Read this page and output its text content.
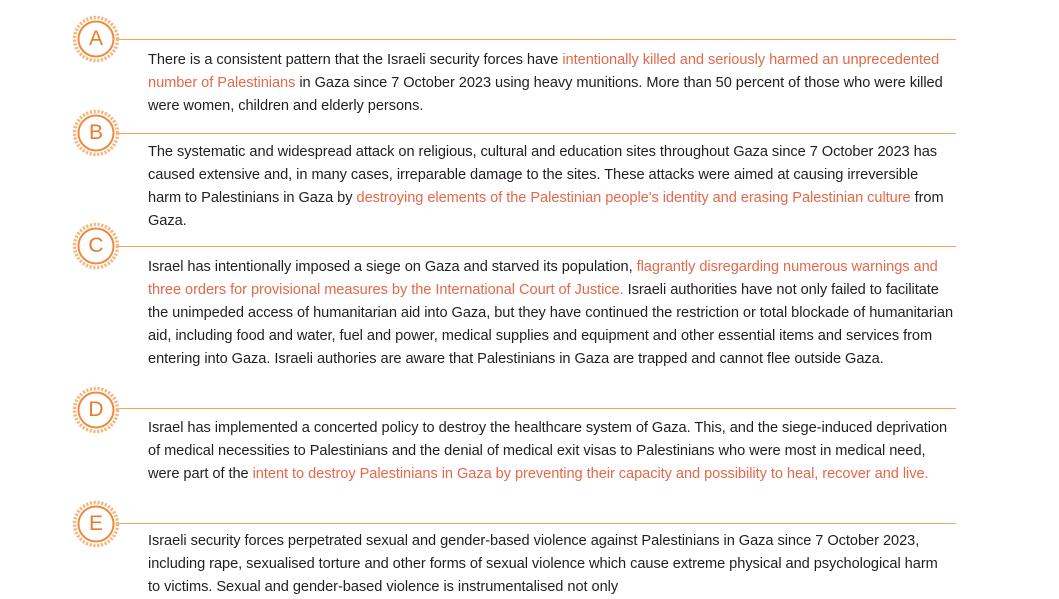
A

There is a consistent pattern that the Israeli security forces have intentionally killed and seriously harmed an unprecedented number of Palestinians in Gaza since 7 October 2023 using heavy munitions. More than 50 percent of those who were killed were women, children and elderly persons.

B

The systematic and widespread attack on religious, cultural and education sites throughout Gaza since 7 October 2023 has caused extensive and, in many cases, irreparable damage to the sites. These attacks were aimed at causing irreversible harm to Palestinians in Gaza by destroying elements of the Palestinian people's identity and erasing Palestinian culture from Gaza.

C

Israel has intentionally imposed a siege on Gaza and starved its population, flagrantly disregarding numerous warnings and three orders for provisional measures by the International Court of Justice. Israeli authorities have not only failed to facilitate the unimpeded access of humanitarian aid into Gaza, but they have continued the restriction or total blockade of humanitarian aid, including food and water, fuel and power, medical supplies and equipment and other essential items and services from entering into Gaza. Israeli authories are aware that Palestinians in Gaza are trapped and cannot flee outside Gaza.

D

Israel has implemented a concerted policy to destroy the healthcare system of Gaza. This, and the siege-induced deprivation of medical necessities to Palestinians and the denial of medical exit visas to Palestinians who were most in medical need, were part of the intent to destroy Palestinians in Gaza by preventing their capacity and possibility to heal, recover and live.

E

Israeli security forces perpetrated sexual and gender-based violence against Palestinians in Gaza since 7 October 2023, including rape, sexualised torture and other forms of sexual violence which cause extreme physical and psychological harm to victims. Sexual and gender-based violence is instrumentalised not only
